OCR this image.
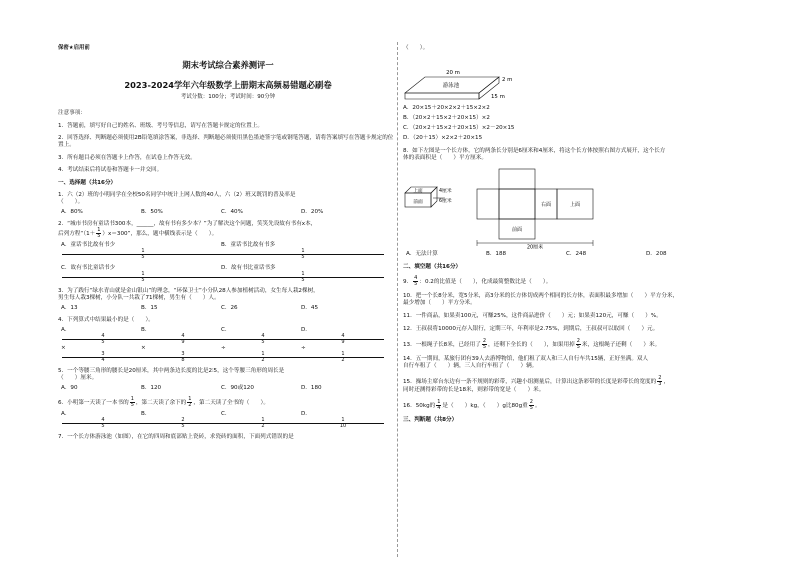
保密★启用前
期末考试综合素养测评一
2023-2024学年六年级数学上册期末高频易错题必刷卷
考试分数：100分；考试时间：90分钟
注意事项：
1．答题前，填写好自己的姓名、班级、考号等信息，请写在答题卡规定的位置上。
2．回答选择、判断题必须使用2B铅笔填涂答案，非选择、判断题必须使用黑色墨迹签字笔或钢笔答题，请将答案填写在答题卡规定的位置上。
3．所有题目必须在答题卡上作答，在试卷上作答无效。
4．考试结束后将试卷和答题卡一并交回。
一、选择题（共16分）
1．六（2）班的小明同学在全校50名同学中统计上网人数的40人，六（2）班又既罚的普及率是
（　　）。
A．80%	B．50%	C．40%	D．20%
2．“城市书房有童话书300本，______，故有书有多少本？”为了解决这个问题，笑笑先设故有书有x本，
后列方程“$(1+ \frac{1}{5} )x=300$”，那么，题中横线表示是（　　）。
A．童话书比故有书少
1
5
B．童话书比故有书多
1
5
C．故有书比童话书少
1
5
D．故有书比童话书多
1
5
3．为了践行“绿水青山就是金山银山”的理念，“环保卫士”小分队28人参加植树活动，女生每人栽2棵树，
男生每人栽3棵树，小分队一共栽了71棵树，男生有（　　）人。
A．13	B．15	C．26	D．45
4．下列算式中结果最小的是（　　）。
A．
4
5
×
3
4
B．
4
9
×
3
8
C．
4
5
÷
1
2
D．
4
9
÷
1
2
5．一个等腰三角形的腰长是20厘米，其中两条边长度的比是2∶5，这个等腰三角形的周长是
（　　）厘米。
A．90	B．120	C．90或120	D．180
6．小明第一天读了一本书的 $\frac{1}{5}$ ，第二天读了余下的 $\frac{1}{2}$ ，第二天读了全书的（　　）。
A．
4
5
B．
2
5
C．
1
2
D．
1
10
7．一个长方体游泳池（如图），在它的四周和底部贴上瓷砖，求瓷砖的面积，下面列式错误的是
（　　）。
游泳池
20 m
2 m
15 m
A．20×15＋20×2×2＋15×2×2
B．（20×2＋15×2＋20×15）×2
C．（20×2＋15×2＋20×15）×2－20×15
D．（20＋15）×2×2＋20×15
8．如下左图是一个长方体，它的两条长分别是6厘米和4厘米，将这个长方体按照右图方式展开，这个长方
体的表面积是（　　）平方厘米。
上面
前面
4厘米
6厘米
右面	上面
前面
20厘米
A．无法计算	B．188	C．248	D．208
二、填空题（共16分）
9． $\frac{4}{5}$ ：0.2的比值是（　　），化成最简整数比是（　　）。
10．把一个长8分米，宽5分米，高3分米的长方体切成两个相同的长方体，表面积最多增加（　　）平方分米，
最少增加（　　）平方分米。
11．一件商品，如果卖100元，可赚25%，这件商品进价（　　）元；如果卖120元，可赚（　　）%。
12．王叔叔将10000元存入银行，定期三年，年利率是2.75%，到期后，王叔叔可以取回（　　）元。
13．一根绳子长8米，已经用了 $\frac{2}{5}$ ，还剩下全长的（　　），如果用掉 $\frac{2}{5}$ 米，这根绳子还剩（　　）米。
14．五一期间，某旅行团有39人去游博物馆，他们租了双人和三人自行车共15辆，正好坐满。双人
自行车租了（　　）辆，三人自行车租了（　　）辆。
15．操场主席台东边有一条不规则的彩带，兴趣小组测量后，计算出这条彩带的长度是彩带长的宽度的 $\frac{2}{3}$ ，
同时还测得彩带的长是18米，则彩带的宽是（　　）米。
16．50kg的 $\frac{1}{4}$ 是（　　）kg，（　　）g比80g重 $\frac{2}{5}$ 。
三、判断题（共8分）
